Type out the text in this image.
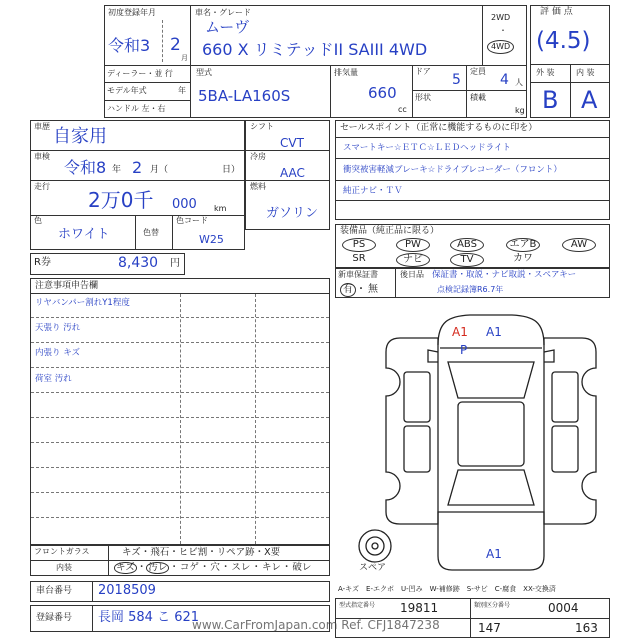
初度登録年月
令和3 2
月
車名・グレード
ムーヴ
660 X リミテッドII SAIII 4WD
2WD
・
4WD
ディーラー・並 行
モデル年式	年
ハンドル 左・右
型式
5BA-LA160S
排気量
660
cc
ドア
5
定員
4 人
形状	積載
kg
評 価 点
(4.5)
外 装	内 装
B A
車歴 自家用
車検
令和8 年 2 月（	日）
走行
2万0千 000 km
色
ホワイト	色替
色コード
W25
シフト
CVT
冷房
AAC
燃料
ガソリン
セールスポイント（正常に機能するものに印を）
スマートキー☆ＥＴＣ☆ＬＥＤヘッドライト
衝突被害軽減ブレーキ☆ドライブレコーダー（フロント）
純正ナビ・ＴＶ
装備品（純正品に限る）
PS	PW	ABS	エアB	AW
SR	ナビ	TV	カワ
新車保証書
有 ・ 無
後日品 保証書・取説・ナビ取説・スペアキー
点検記録簿R6.7年
R券	8,430 円
注意事項申告欄
リヤバンパー割れY1程度
天張り 汚れ
内張り キズ
荷室 汚れ
A1 A1
P
A1
スペア
フロントガラス	キズ・飛石・ヒビ割・リペア跡・X要
内装	キズ ・ 汚レ ・コゲ・穴・スレ・キレ・破レ
車台番号 2018509
登録番号 長岡 584 こ 621
A-キズ　E-エクボ　U-凹み　W-補修跡　S-サビ　C-腐食　XX-交換済
型式指定番号 19811	類別区分番号	0004
147	163
www.CarFromJapan.com Ref. CFJ1847238
